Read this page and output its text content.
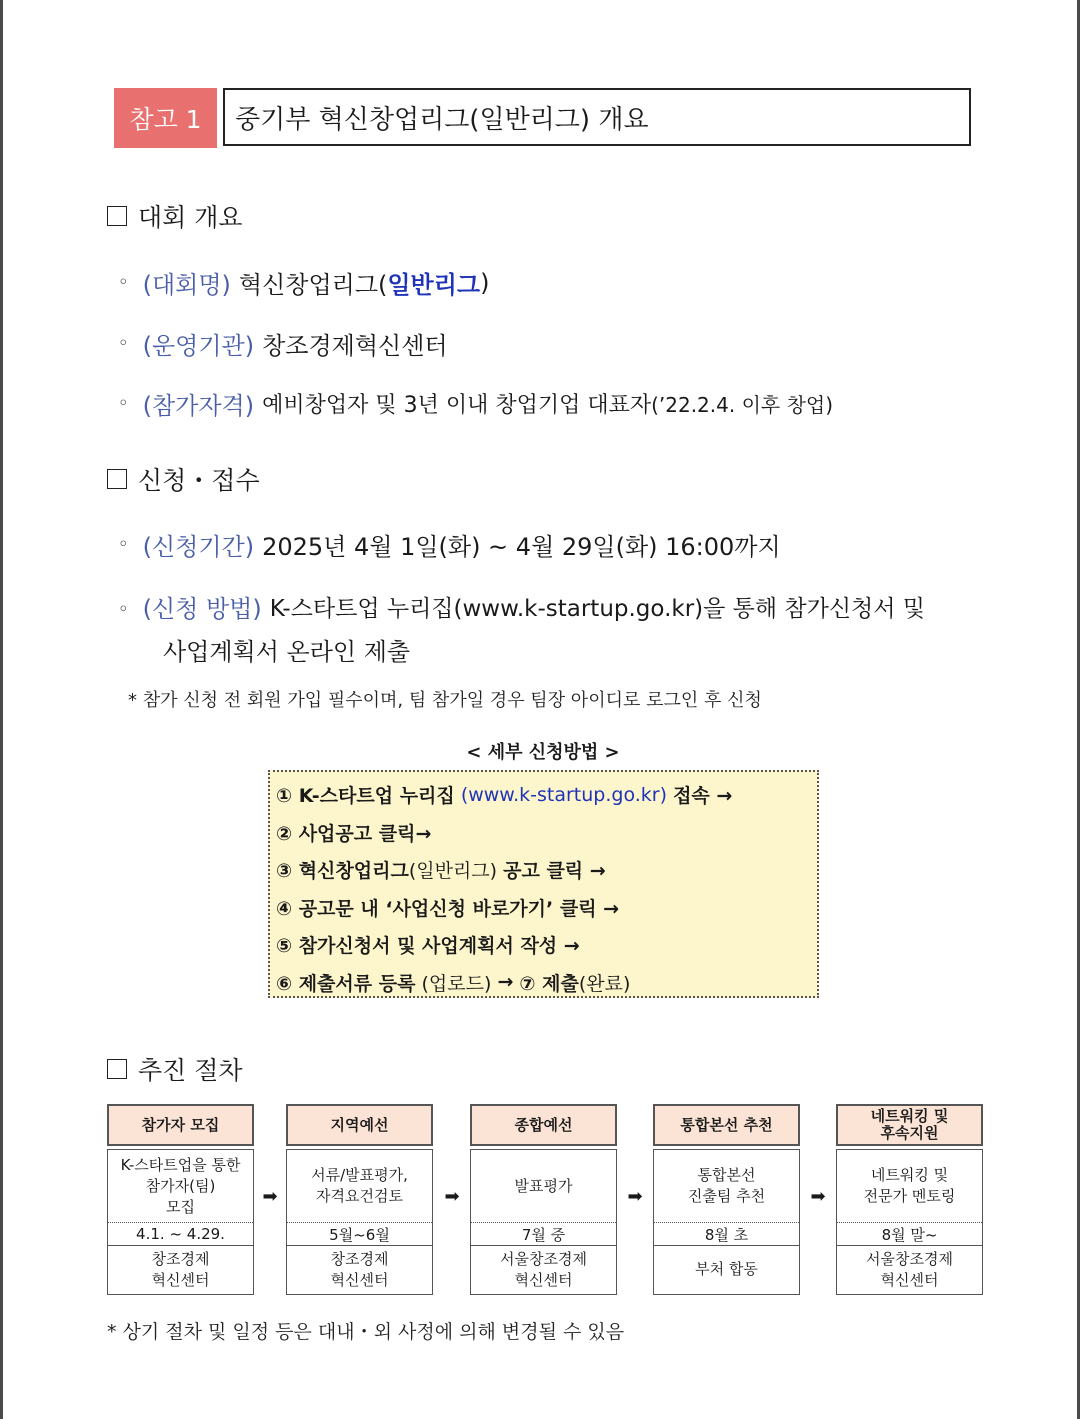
참고 1	중기부 혁신창업리그(일반리그) 개요
대회 개요
◦ (대회명) 혁신창업리그( 일반리그 )
◦ (운영기관) 창조경제혁신센터
◦ (참가자격) 예비창업자 및 3년 이내 창업기업 대표자 (’22.2.4. 이후 창업)
신청・접수
◦ (신청기간) 2025년 4월 1일(화) ~ 4월 29일(화) 16:00까지
◦ (신청 방법) K-스타트업 누리집(www.k-startup.go.kr)을 통해 참가신청서 및
사업계획서 온라인 제출
* 참가 신청 전 회원 가입 필수이며, 팀 참가일 경우 팀장 아이디로 로그인 후 신청
< 세부 신청방법 >
① K-스타트업 누리집
(www.k-startup.go.kr)
접속 →
② 사업공고 클릭→
③ 혁신창업리그 (일반리그)
공고 클릭 →
④ 공고문 내 ‘사업신청 바로가기’ 클릭 →
⑤ 참가신청서 및 사업계획서 작성 →
⑥ 제출서류 등록
(업로드)
→
⑦ 제출 (완료)
추진 절차
참가자 모집
K-스타트업을 통한
참가자(팀)
모집
4.1. ~ 4.29.
창조경제
혁신센터
➡
지역예선
서류/발표평가,
자격요건검토
5월~6월
창조경제
혁신센터
➡
종합예선
발표평가
7월 중
서울창조경제
혁신센터
➡
통합본선 추천
통합본선
진출팀 추천
8월 초
부처 합동
➡
네트워킹 및
후속지원
네트워킹 및
전문가 멘토링
8월 말~
서울창조경제
혁신센터
* 상기 절차 및 일정 등은 대내・외 사정에 의해 변경될 수 있음
